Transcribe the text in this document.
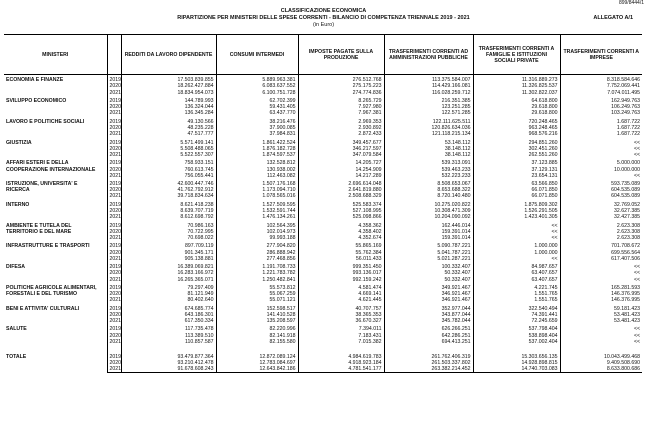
899/8444/1
CLASSIFICAZIONE ECONOMICA
RIPARTIZIONE PER MINISTERI DELLE SPESE CORRENTI - BILANCIO DI COMPETENZA TRIENNALE 2019 - 2021
(in Euro)
ALLEGATO A/1
MINISTERI		REDDITI DA LAVORO DIPENDENTE	CONSUMI INTERMEDI	IMPOSTE PAGATE SULLA PRODUZIONE	TRASFERIMENTI CORRENTI AD AMMINISTRAZIONI PUBBLICHE	TRASFERIMENTI CORRENTI A FAMIGLIE E ISTITUZIONI SOCIALI PRIVATE	TRASFERIMENTI CORRENTI A IMPRESE
ECONOMIA E FINANZE	2019	17.503.839.855	5.889.963.381	276.512.768	113.375.584.007	11.316.889.273	8.318.584.646
	2020	18.262.427.884	6.083.637.552	275.175.223	114.429.166.081	11.326.825.537	7.752.069.441
	2021	18.834.954.073	6.100.751.728	274.774.836	116.028.259.712	11.302.822.037	7.074.011.495
SVILUPPO ECONOMICO	2019	144.789.993	62.702.399	8.265.729	216.351.385	64.618.800	162.949.763
	2020	136.324.044	59.431.405	7.927.980	123.251.285	29.618.800	106.249.763
	2021	136.345.284	63.437.770	7.967.381	122.571.285	29.618.800	103.249.763
LAVORO E POLITICHE SOCIALI	2019	49.130.566	38.216.476	2.969.353	122.111.625.511	720.248.465	1.687.722
	2020	48.235.228	37.900.085	2.930.892	120.826.634.036	963.248.465	1.687.722
	2021	47.517.777	37.984.831	2.872.433	121.118.215.134	968.576.216	1.687.722
GIUSTIZIA	2019	5.571.499.141	1.861.422.524	349.457.677	53.148.112	294.851.260	<<
	2020	5.508.488.065	1.876.182.728	346.217.597	38.148.112	302.451.260	<<
	2021	5.522.557.307	1.874.597.537	347.079.584	38.148.112	262.551.260	<<
AFFARI ESTERI E DELLA COOPERAZIONE INTERNAZIONALE	2019	758.933.151	132.528.812	14.205.727	539.313.091	37.123.885	5.000.000
	2020	760.613.745	130.938.002	14.254.909	539.463.233	37.129.131	10.000.000
	2021	756.055.441	112.463.082	14.217.289	532.223.233	23.654.131	<<
ISTRUZIONE, UNIVERSITA' E RICERCA	2019	42.600.447.746	1.507.176.168	2.696.614.048	8.508.653.067	63.566.850	593.735.089
	2020	41.762.792.912	1.173.094.710	2.641.819.880	8.653.688.322	66.071.850	604.535.089
	2021	39.718.834.634	1.078.565.016	2.508.688.329	8.720.140.480	66.071.850	604.535.089
INTERNO	2019	8.621.418.238	1.527.509.595	525.583.374	10.275.020.822	1.875.809.302	32.769.052
	2020	8.639.707.719	1.532.591.744	527.108.995	10.308.471.309	1.526.291.505	32.627.385
	2021	8.612.698.792	1.476.134.261	525.098.866	10.204.090.092	1.423.401.305	32.427.385
AMBIENTE E TUTELA DEL TERRITORIO E DEL MARE	2019	70.986.163	102.564.395	4.358.362	162.446.014	<<	2.623.308
	2020	70.722.995	102.014.973	4.358.402	159.391.014	<<	2.623.308
	2021	70.698.022	99.993.188	4.352.674	159.391.014	<<	2.623.308
INFRASTRUTTURE E TRASPORTI	2019	897.709.119	277.904.820	55.865.169	5.090.787.221	1.000.000	701.708.672
	2020	901.345.171	286.888.942	55.762.384	5.041.787.221	1.000.000	699.556.564
	2021	905.138.881	277.468.856	56.011.433	5.021.287.221	<<	617.407.506
DIFESA	2019	16.389.069.821	1.191.708.733	999.351.450	100.332.407	84.987.657	<<
	2020	16.283.166.972	1.221.783.782	993.136.017	50.332.407	63.407.657	<<
	2021	16.265.365.071	1.250.482.841	992.159.242	50.332.407	63.407.657	<<
POLITICHE AGRICOLE ALIMENTARI, FORESTALI E DEL TURISMO	2019	79.297.409	55.573.812	4.581.474	349.921.467	4.221.745	165.281.593
	2020	81.121.949	55.067.259	4.669.141	346.921.467	1.551.765	146.376.995
	2021	80.402.640	55.071.121	4.621.445	346.921.467	1.551.765	146.376.995
BENI E ATTIVITA' CULTURALI	2019	674.685.774	152.598.517	40.707.757	352.977.044	322.540.494	59.181.423
	2020	643.186.301	141.410.528	38.365.353	343.877.044	74.391.441	53.481.423
	2021	617.350.334	135.208.597	36.670.327	345.782.044	72.245.659	53.481.423
SALUTE	2019	117.735.478	82.220.996	7.394.011	626.266.251	537.798.404	<<
	2020	113.389.510	82.141.918	7.183.431	642.286.251	538.898.404	<<
	2021	110.857.587	82.155.580	7.015.382	694.413.251	537.002.404	<<
TOTALE	2019	93.479.877.364	12.872.089.124	4.984.619.783	261.762.406.319	15.303.656.135	10.043.499.468
	2020	93.210.412.478	12.783.084.697	4.918.923.184	261.503.337.802	14.928.898.815	9.409.508.690
	2021	91.678.608.243	12.643.842.186	4.781.541.177	263.382.214.452	14.740.703.083	8.633.800.686
